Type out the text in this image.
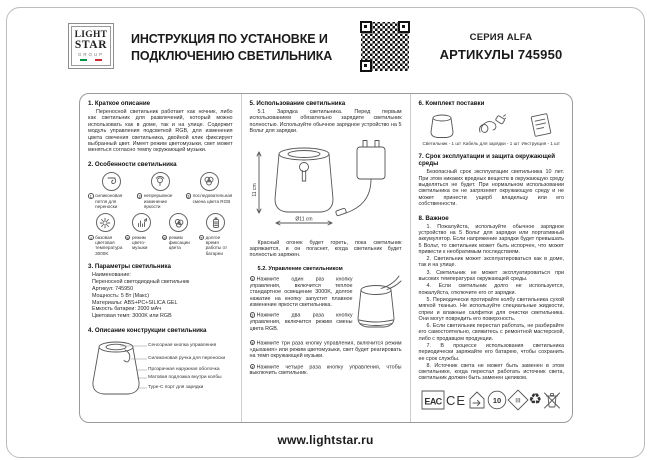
LIGHT
STAR
GROUP
ИНСТРУКЦИЯ ПО УСТАНОВКЕ И
ПОДКЛЮЧЕНИЮ СВЕТИЛЬНИКА
СЕРИЯ ALFA
АРТИКУЛЫ 745950
1. Краткое описание
Переносной светильник работает как ночник, либо как светильник для развлечений, который можно использовать как в доме, так и на улице. Содержит модуль управления подсветкой RGB, для изменения цвета свечения светильника, двойной клик фиксирует выбранный цвет. Имеет режим цветомузыки, свет может меняться согласно темпу окружающей музыки.
2. Особенности светильника
1 силиконовая петля для переноски
2 непрерывное изменение яркости
3 последовательная смена цвета RGB
4 базовая цветовая температура 3000K
5 режим цвето-музыки
6 режим фиксации цвета
7 долгое время работы от батареи
3. Параметры светильника
Наименование:
Переносной светодиодный светильник
Артикул: 745950
Мощность: 5 Вт (Макс)
Материалы: ABS+PC+SILICA GEL
Емкость батареи: 2000 мАч
Цветовая темп: 3000K или RGB
4. Описание конструкции светильника
Сенсорная кнопка управления
Силиконовая ручка для переноски
Прозрачная наружная оболочка
Матовая подложка внутри колбы
Type-C порт для зарядки
5. Использование светильника
5.1 Зарядка светильника. Перед первым использованием обязательно зарядите светильник полностью. Используйте обычное зарядное устройство на 5 Вольт для зарядки.
11 cm
Ø11 cm
Красный огонек будет гореть, пока светильник заряжается, и он погаснет, когда светильник будет полностью заряжен.
5.2. Управление светильником
1 Нажмите один раз кнопку управления, включится теплое стандартное освещение 3000K, долгое нажатие на кнопку запустит плавное изменение яркости светильника.
2 Нажмите два раза кнопку управления, включится режим смены цвета RGB.
3 Нажмите три раза кнопку управления, включится режим «дыхания» или режим цветомузыки, свет будет реагировать на темп окружающей музыки.
4 Нажмите четыре раза кнопку управления, чтобы выключить светильник.
6. Комплект поставки
Светильник - 1 шт Кабель для зарядки - 1 шт Инструкция - 1 шт
7. Срок эксплуатации и защита окружающей среды
Безопасный срок эксплуатации светильника 10 лет. При этом никаких вредных веществ в окружающую среду выделяться не будет. При нормальном использовании светильника он не загрязняет окружающую среду и не может принести ущерб владельцу или его собственности.
8. Важное
1. Пожалуйста, используйте обычное зарядное устройство на 5 Вольт для зарядки или портативный аккумулятор. Если напряжение зарядки будет превышать 5 Вольт, то светильник может быть испорчен, что может привести к необратимым последствиям.
2. Светильник может эксплуатироваться как в доме, так и на улице.
3. Светильник не может эксплуатироваться при высоких температурах окружающей среды.
4. Если светильник долго не используется, пожалуйста, отключите его от зарядки.
5. Периодически протирайте колбу светильника сухой мягкой тканью. Не используйте специальные жидкости, спреи и влажные салфетки для очистки светильника. Они могут повредить его поверхность.
6. Если светильник перестал работать, не разбирайте его самостоятельно, свяжитесь с ремонтной мастерской, либо с продавцом продукции.
7. В процессе использования светильника периодически заряжайте его батарею, чтобы сохранить ее срок службы.
8. Источник света не может быть заменен в этом светильнике, когда перестал работать источник света, светильник должен быть заменен целиком.
ЕАС CE	10 III ♻
www.lightstar.ru
